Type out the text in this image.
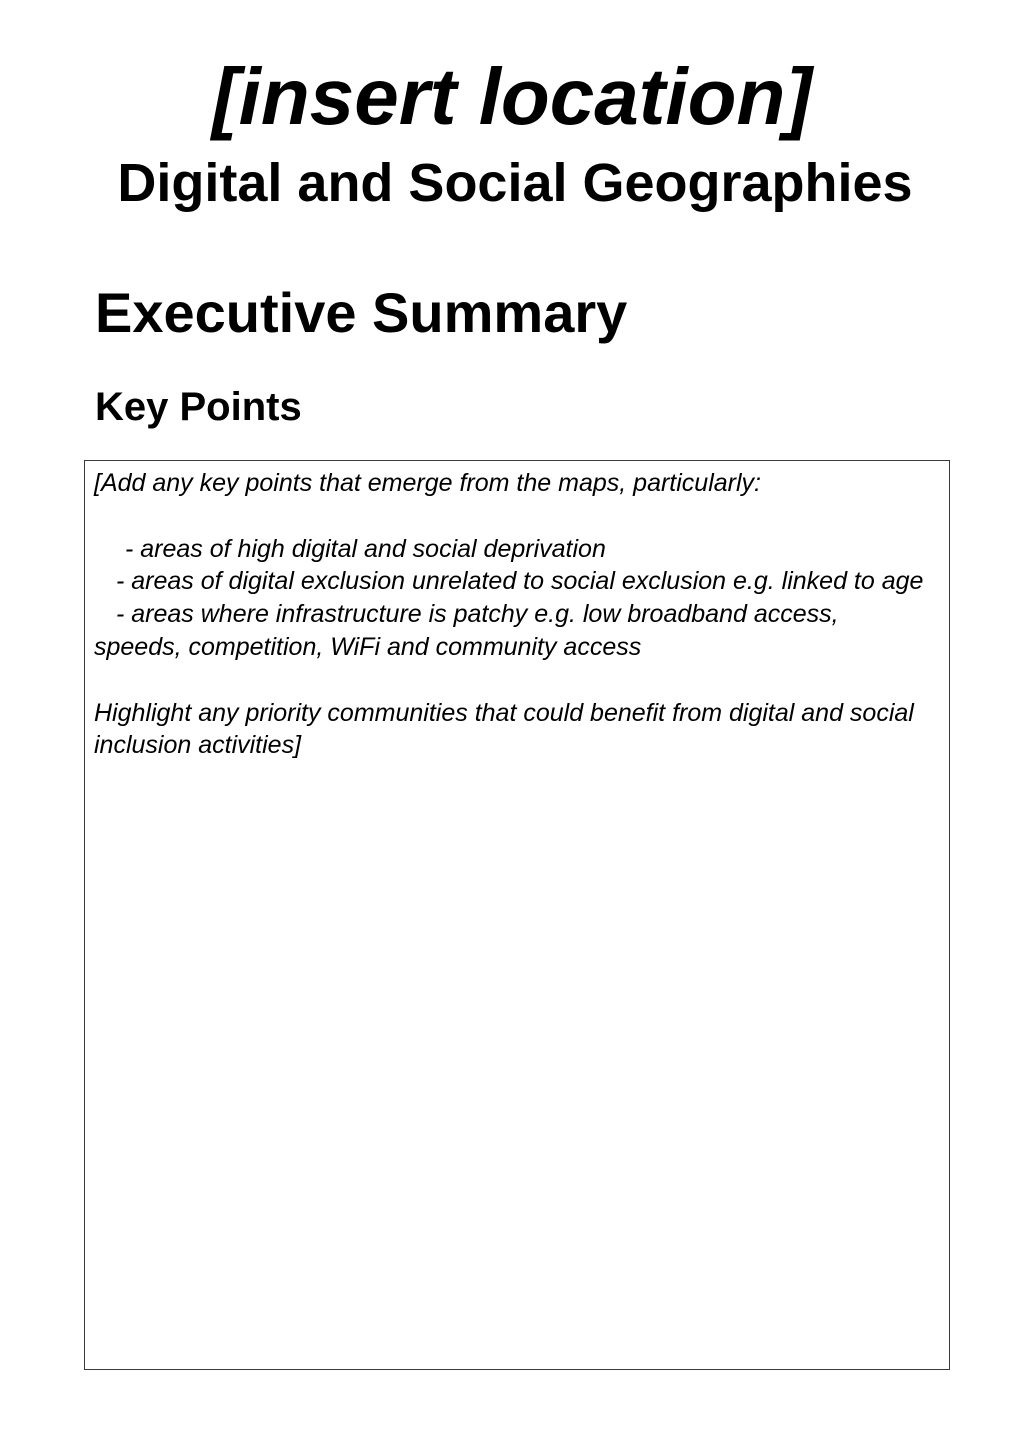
[insert location]
Digital and Social Geographies
Executive Summary
Key Points

[Add any key points that emerge from the maps, particularly:

- areas of high digital and social deprivation

- areas of digital exclusion unrelated to social exclusion e.g. linked to age

- areas where infrastructure is patchy e.g. low broadband access, speeds, competition, WiFi and community access

Highlight any priority communities that could benefit from digital and social inclusion activities]
